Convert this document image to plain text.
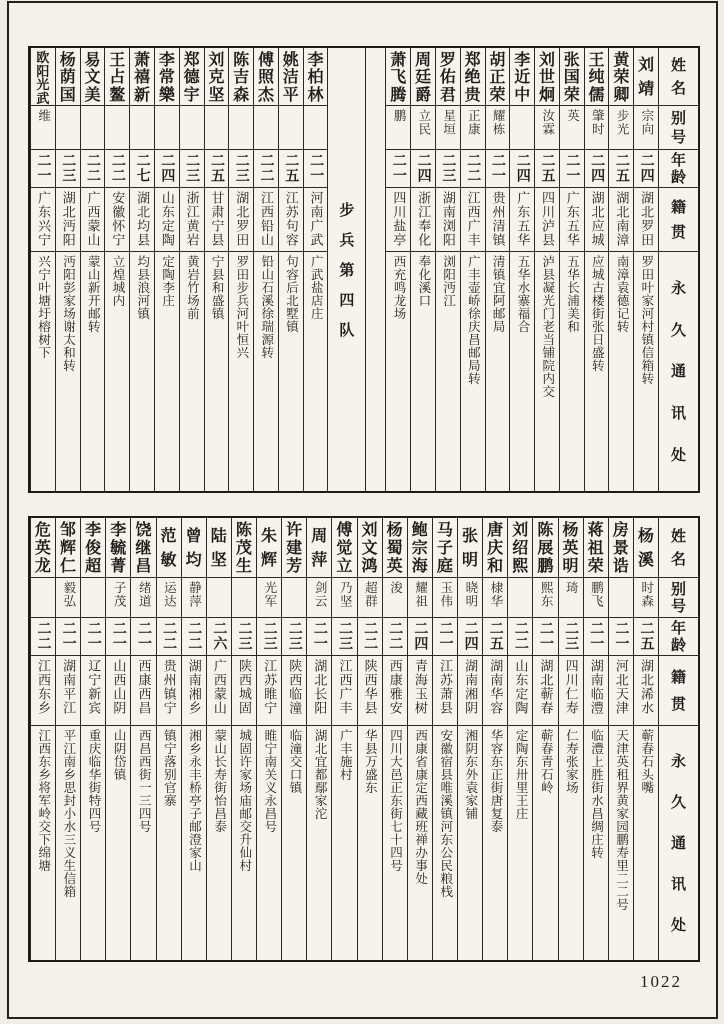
姓
名
别
号
年
龄
籍
贯
永
久
通
讯
处
刘
靖
宗向
二四
湖北罗田
罗田叶家河村镇信箱转
黄
荣
卿
步光
二五
湖北南漳
南漳袁德记转
王
纯
儒
肇时
二四
湖北应城
应城古楼街张日盛转
张
国
荣
英
二一
广东五华
五华长浦美和
刘
世
炯
汝霖
二五
四川泸县
泸县凝光门老当铺院内交
李
近
中
二四
广东五华
五华水寨福合
胡
正
荣
耀栋
二一
贵州清镇
清镇宜阿邮局
郑
绝
贵
正康
二二
江西广丰
广丰壶峤徐庆昌邮局转
罗
佑
君
星垣
二三
湖南浏阳
浏阳沔江
周
廷
爵
立民
二四
浙江奉化
奉化溪口
萧
飞
腾
鹏
二一
四川盐亭
西充鸣龙场
步
兵
第
四
队
李
柏
林
二一
河南广武
广武盐店庄
姚
洁
平
二五
江苏句容
句容后北墅镇
傅
照
杰
二二
江西铅山
铅山石溪徐瑞源转
陈
吉
森
二三
湖北罗田
罗田步兵河叶恒兴
刘
克
坚
二五
甘肃宁县
宁县和盛镇
郑
德
宇
二三
浙江黄岩
黄岩竹场前
李
常
樂
二四
山东定陶
定陶李庄
萧
禧
新
二七
湖北均县
均县浪河镇
王
占
鳌
二二
安徽怀宁
立煌城内
易
文
美
二二
广西蒙山
蒙山新开邮转
杨
荫
国
二三
湖北沔阳
沔阳彭家场谢太和转
欧
阳
光
武
维
二一
广东兴宁
兴宁叶塘圩榕树下
姓
名
别
号
年
龄
籍
贯
永
久
通
讯
处
杨
溪
时森
二五
湖北浠水
蕲春石头嘴
房
景
诰
二一
河北天津
天津英租界黄家园鹏寿里二二号
蒋
祖
荣
鹏飞
二一
湖南临澧
临澧上胜街水昌绸庄转
杨
英
明
琦
二三
四川仁寿
仁寿张家场
陈
展
鹏
熙东
二一
湖北蕲春
蕲春青石岭
刘
绍
熙
二二
山东定陶
定陶东卅里王庄
唐
庆
和
棣华
二五
湖南华容
华容东正街唐复泰
张
明
晓明
二四
湖南湘阴
湘阴东外袁家铺
马
子
庭
玉伟
二一
江苏萧县
安徽宿县唯溪镇河东公民粮栈
鲍
宗
海
耀祖
二四
青海玉树
西康省康定西藏班禅办事处
杨
蜀
英
浚
二二
西康雅安
四川大邑正东街七十四号
刘
文
鸿
超群
二二
陕西华县
华县万盛东
傅
觉
立
乃坚
二三
江西广丰
广丰施村
周
萍
剑云
二一
湖北长阳
湖北宜都鄢家沱
许
建
芳
二三
陕西临潼
临潼交口镇
朱
辉
光军
二三
江苏睢宁
睢宁南关义永昌号
陈
茂
生
二三
陕西城固
城固许家场庙邮交升仙村
陆
坚
二六
广西蒙山
蒙山长寿街怡昌泰
曾
均
静萍
二二
湖南湘乡
湘乡永丰桥亭子邮澄家山
范
敏
运达
二二
贵州镇宁
镇宁落别官寨
饶
继
昌
绪道
二一
西康西昌
西昌西街一三四号
李
毓
菁
子茂
二一
山西山阴
山阴岱镇
李
俊
超
二一
辽宁新宾
重庆临华街特四号
邹
辉
仁
毅弘
二一
湖南平江
平江南乡思封小水三义生信箱
危
英
龙
二二
江西东乡
江西东乡将军岭交下绵塘
1022
